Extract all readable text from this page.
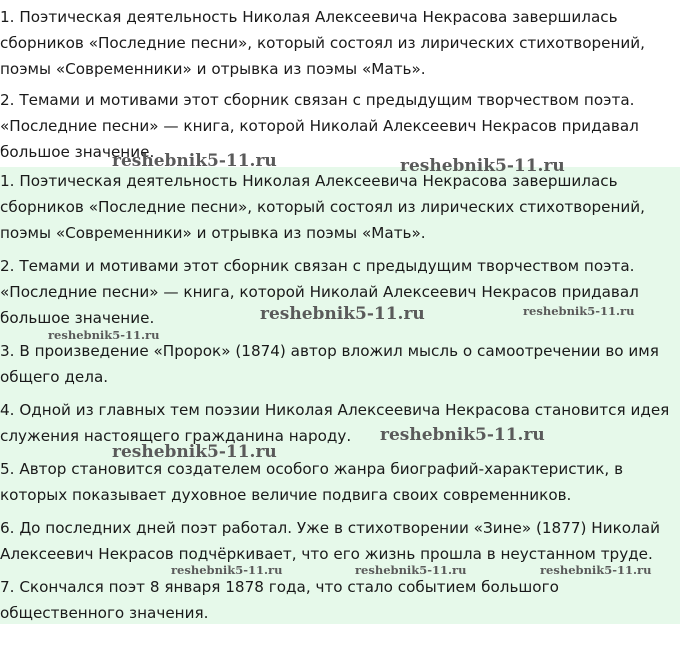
1. Поэтическая деятельность Николая Алексеевича Некрасова завершилась сборников «Последние песни», который состоял из лирических стихотворений, поэмы «Современники» и отрывка из поэмы «Мать».

2. Темами и мотивами этот сборник связан с предыдущим творчеством поэта. «Последние песни» — книга, которой Николай Алексеевич Некрасов придавал большое значение.

1. Поэтическая деятельность Николая Алексеевича Некрасова завершилась сборников «Последние песни», который состоял из лирических стихотворений, поэмы «Современники» и отрывка из поэмы «Мать».

2. Темами и мотивами этот сборник связан с предыдущим творчеством поэта. «Последние песни» — книга, которой Николай Алексеевич Некрасов придавал большое значение.

3. В произведение «Пророк» (1874) автор вложил мысль о самоотречении во имя общего дела.

4. Одной из главных тем поэзии Николая Алексеевича Некрасова становится идея служения настоящего гражданина народу.

5. Автор становится создателем особого жанра биографий-характеристик, в которых показывает духовное величие подвига своих современников.

6. До последних дней поэт работал. Уже в стихотворении «Зине» (1877) Николай Алексеевич Некрасов подчёркивает, что его жизнь прошла в неустанном труде.

7. Скончался поэт 8 января 1878 года, что стало событием большого общественного значения.

reshebnik5-11.ru	reshebnik5-11.ru
reshebnik5-11.ru	reshebnik5-11.ru
reshebnik5-11.ru
reshebnik5-11.ru
reshebnik5-11.ru
reshebnik5-11.ru	reshebnik5-11.ru	reshebnik5-11.ru
